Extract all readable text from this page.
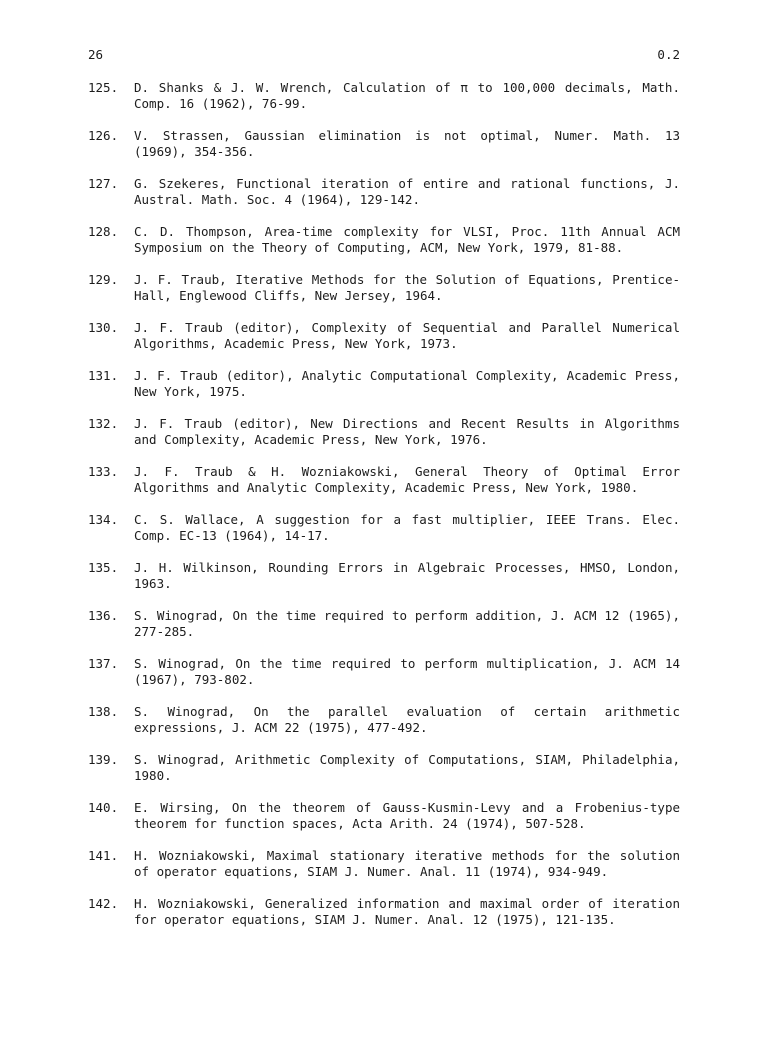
26	0.2
125.	D. Shanks & J. W. Wrench, Calculation of π to 100,000 decimals, Math. Comp. 16 (1962), 76-99.
126.	V. Strassen, Gaussian elimination is not optimal, Numer. Math. 13 (1969), 354-356.
127.	G. Szekeres, Functional iteration of entire and rational functions, J. Austral. Math. Soc. 4 (1964), 129-142.
128.	C. D. Thompson, Area-time complexity for VLSI, Proc. 11th Annual ACM Symposium on the Theory of Computing, ACM, New York, 1979, 81-88.
129.	J. F. Traub, Iterative Methods for the Solution of Equations, Prentice-Hall, Englewood Cliffs, New Jersey, 1964.
130.	J. F. Traub (editor), Complexity of Sequential and Parallel Numerical Algorithms, Academic Press, New York, 1973.
131.	J. F. Traub (editor), Analytic Computational Complexity, Academic Press, New York, 1975.
132.	J. F. Traub (editor), New Directions and Recent Results in Algorithms and Complexity, Academic Press, New York, 1976.
133.	J. F. Traub & H. Wozniakowski, General Theory of Optimal Error Algorithms and Analytic Complexity, Academic Press, New York, 1980.
134.	C. S. Wallace, A suggestion for a fast multiplier, IEEE Trans. Elec. Comp. EC-13 (1964), 14-17.
135.	J. H. Wilkinson, Rounding Errors in Algebraic Processes, HMSO, London, 1963.
136.	S. Winograd, On the time required to perform addition, J. ACM 12 (1965), 277-285.
137.	S. Winograd, On the time required to perform multiplication, J. ACM 14 (1967), 793-802.
138.	S. Winograd, On the parallel evaluation of certain arithmetic expressions, J. ACM 22 (1975), 477-492.
139.	S. Winograd, Arithmetic Complexity of Computations, SIAM, Philadelphia, 1980.
140.	E. Wirsing, On the theorem of Gauss-Kusmin-Levy and a Frobenius-type theorem for function spaces, Acta Arith. 24 (1974), 507-528.
141.	H. Wozniakowski, Maximal stationary iterative methods for the solution of operator equations, SIAM J. Numer. Anal. 11 (1974), 934-949.
142.	H. Wozniakowski, Generalized information and maximal order of iteration for operator equations, SIAM J. Numer. Anal. 12 (1975), 121-135.
